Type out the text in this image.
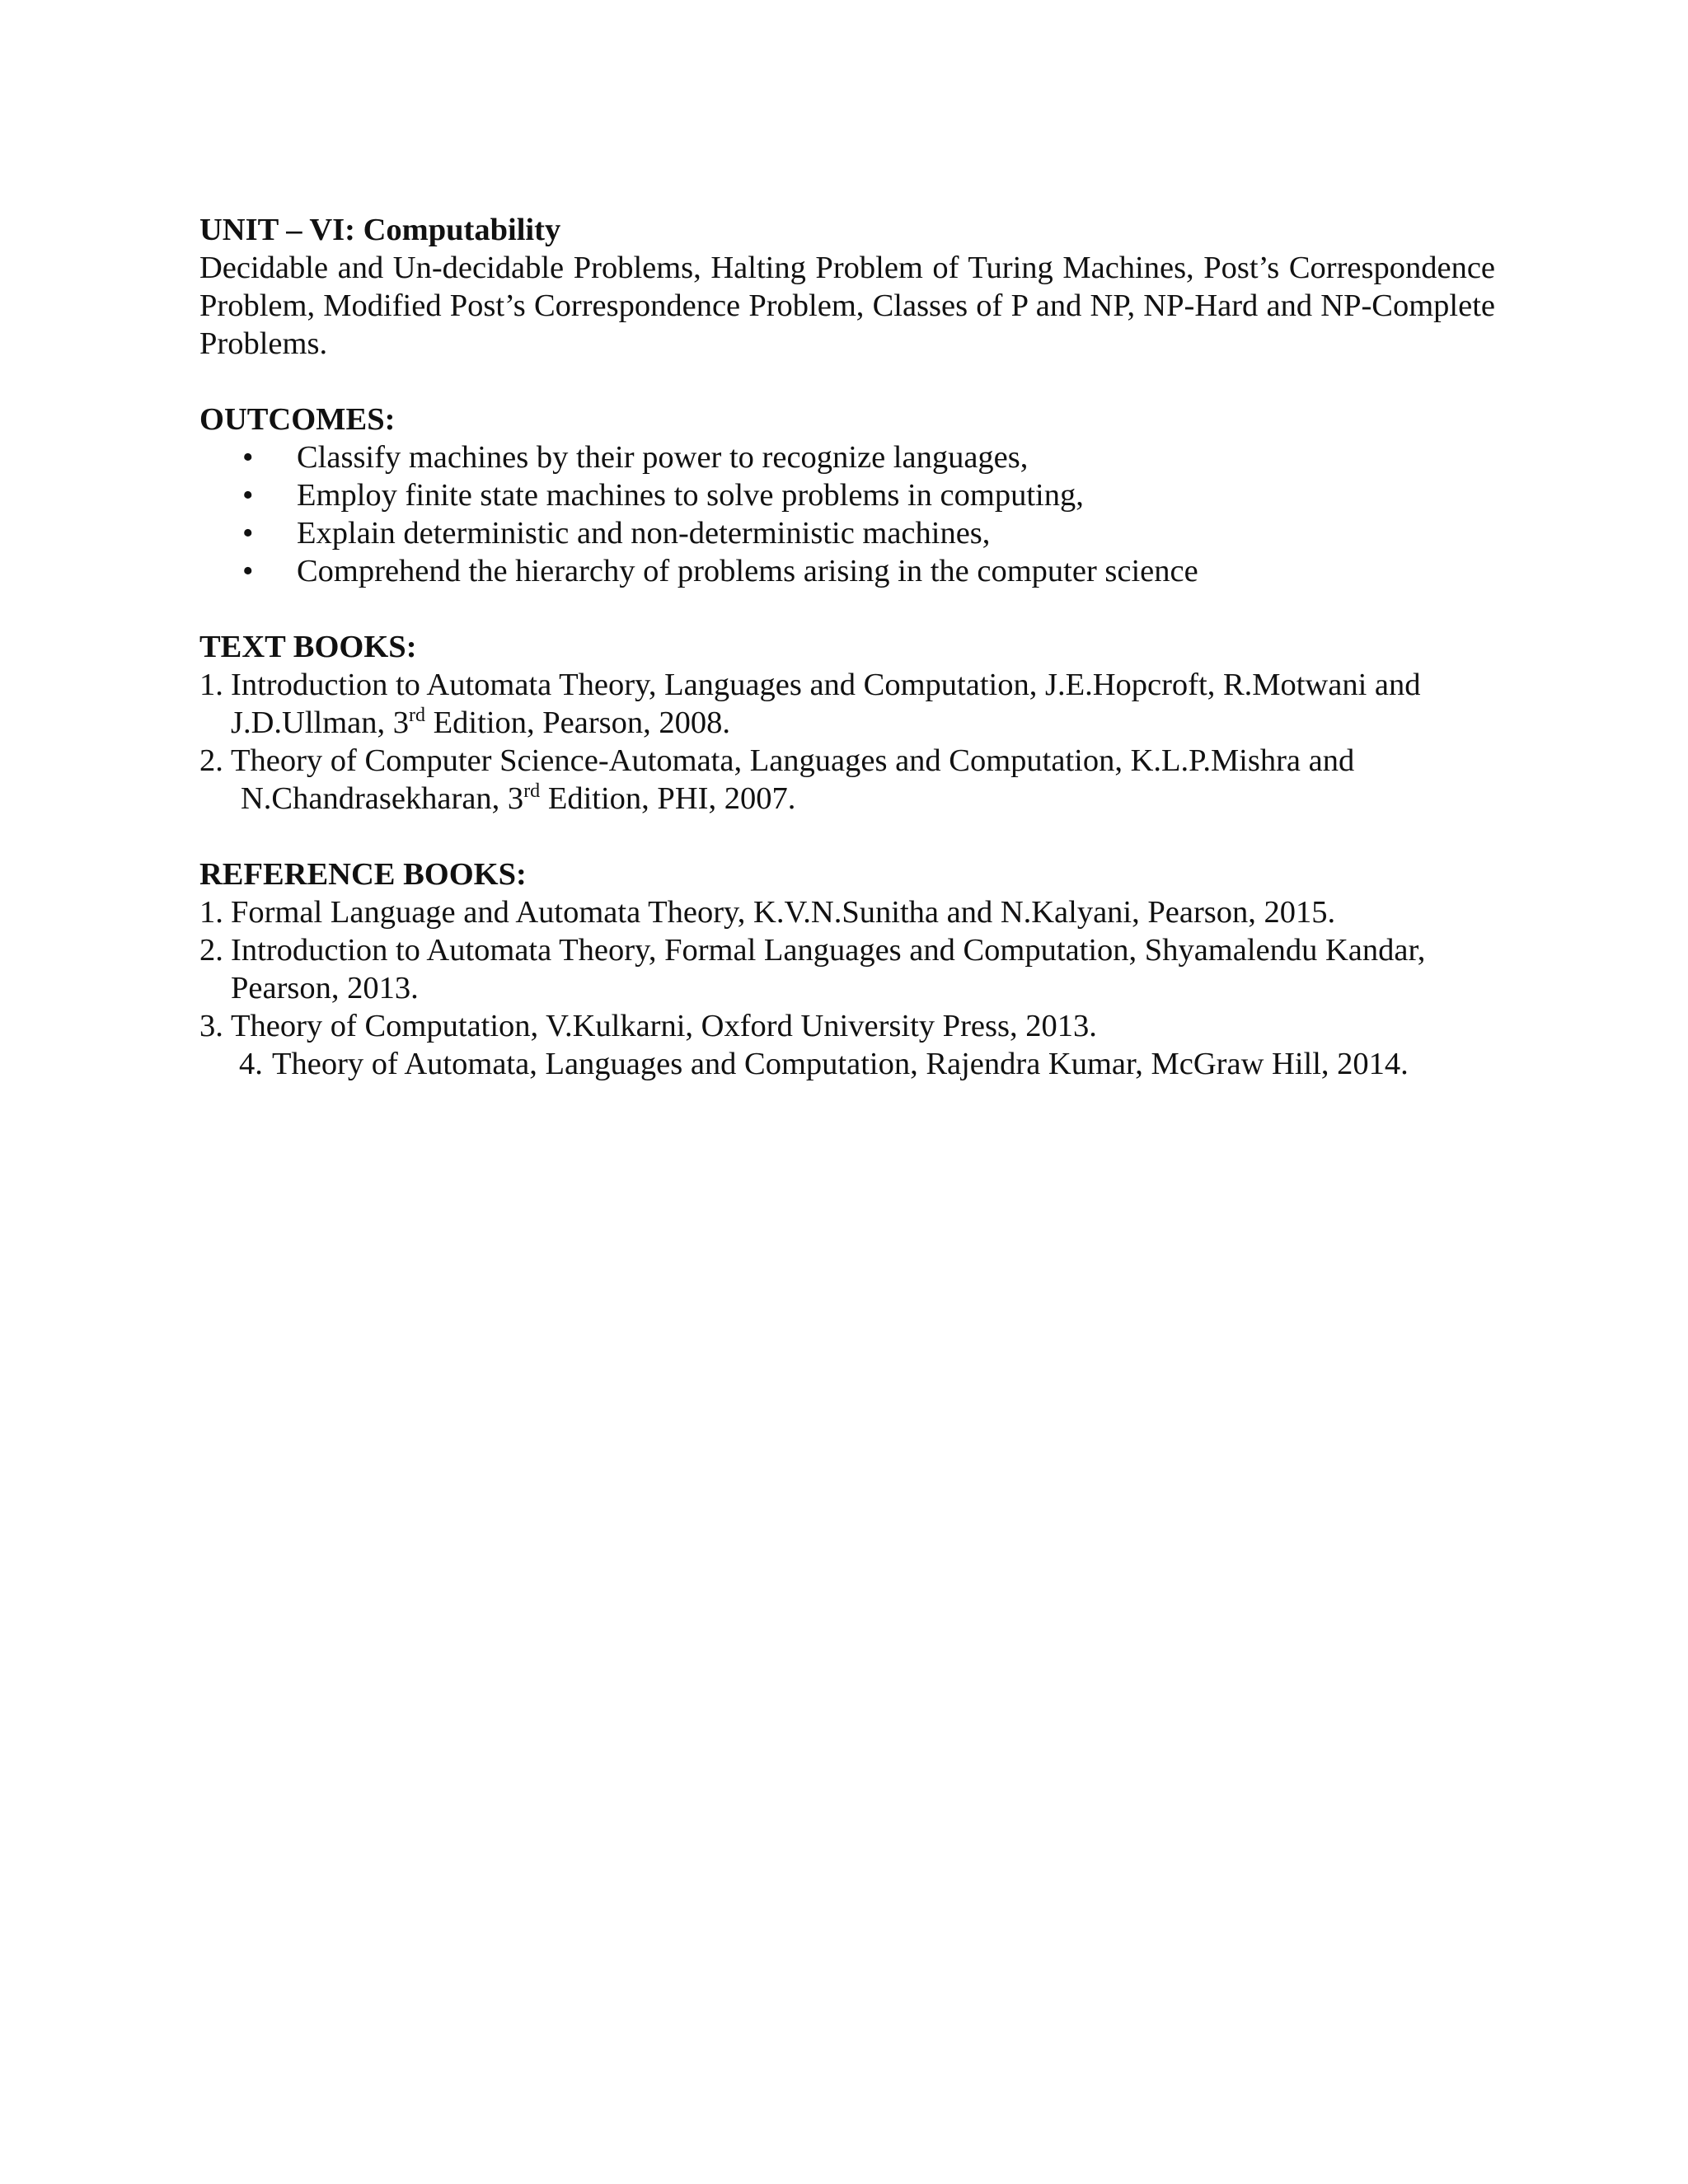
UNIT – VI: Computability

Decidable and Un-decidable Problems, Halting Problem of Turing Machines, Post’s Correspondence Problem, Modified Post’s Correspondence Problem, Classes of P and NP, NP-Hard and NP-Complete Problems.

OUTCOMES:

• Classify machines by their power to recognize languages,
• Employ finite state machines to solve problems in computing,
• Explain deterministic and non-deterministic machines,
• Comprehend the hierarchy of problems arising in the computer science

TEXT BOOKS:

1. Introduction to Automata Theory, Languages and Computation, J.E.Hopcroft, R.Motwani and
J.D.Ullman, 3rd Edition, Pearson, 2008.
2. Theory of Computer Science-Automata, Languages and Computation, K.L.P.Mishra and
N.Chandrasekharan, 3rd Edition, PHI, 2007.

REFERENCE BOOKS:

1. Formal Language and Automata Theory, K.V.N.Sunitha and N.Kalyani, Pearson, 2015.
2. Introduction to Automata Theory, Formal Languages and Computation, Shyamalendu Kandar,
Pearson, 2013.
3. Theory of Computation, V.Kulkarni, Oxford University Press, 2013.
4. Theory of Automata, Languages and Computation, Rajendra Kumar, McGraw Hill, 2014.
